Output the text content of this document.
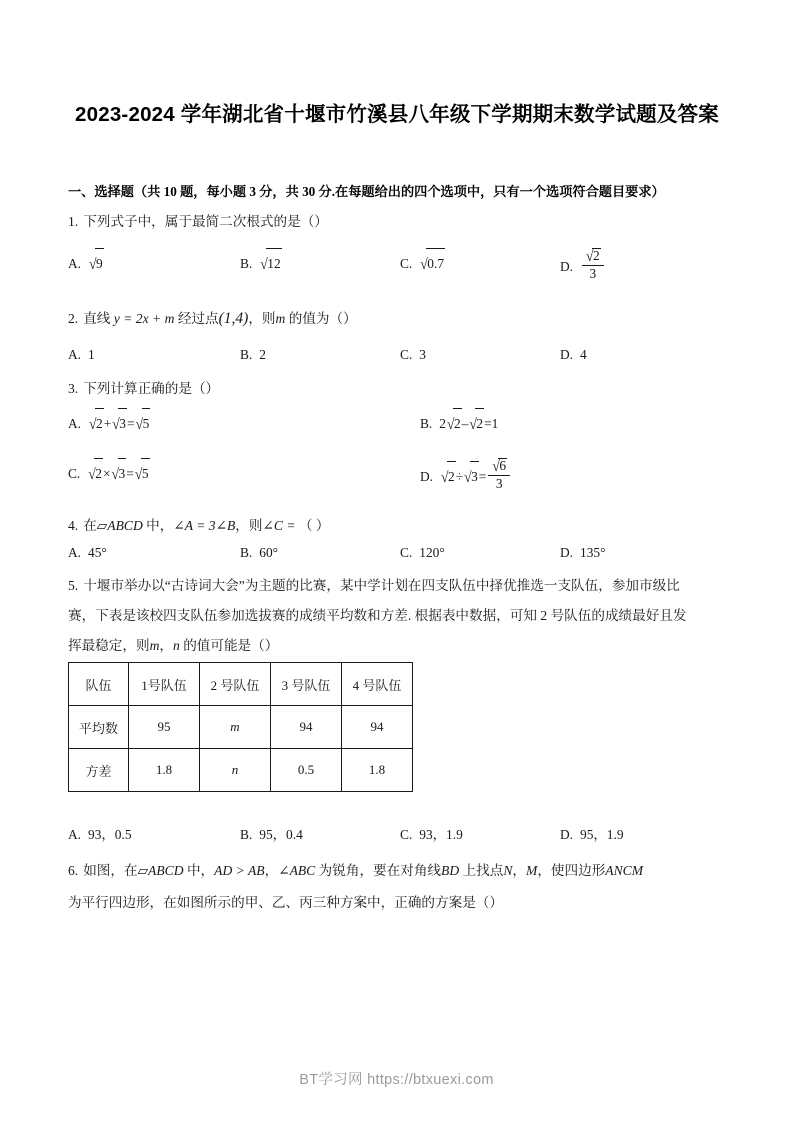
2023-2024 学年湖北省十堰市竹溪县八年级下学期期末数学试题及答案
一、选择题（共 10 题，每小题 3 分，共 30 分.在每题给出的四个选项中，只有一个选项符合题目要求）
1. 下列式子中，属于最简二次根式的是（）
A. √9	B. √12	C. √0.7	D. $\frac{√2}{3}$
2. 直线 y = 2x + m 经过点(1,4)，则m 的值为（）
A. 1	B. 2	C. 3	D. 4
3. 下列计算正确的是（）
A. √2+√3=√5	B. 2√2–√2=1
C. √2×√3=√5	D. $√2\div√3= \frac{√6}{3}$
4. 在▱ABCD 中，∠A = 3∠B，则∠C = （ ）
A. 45°	B. 60°	C. 120°	D. 135°
5. 十堰市举办以“古诗词大会”为主题的比赛，某中学计划在四支队伍中择优推选一支队伍，参加市级比
赛，下表是该校四支队伍参加选拔赛的成绩平均数和方差. 根据表中数据，可知 2 号队伍的成绩最好且发
挥最稳定，则m，n 的值可能是（）
队伍	1号队伍	2 号队伍	3 号队伍	4 号队伍
平均数	95	m	94	94
方差	1.8	n	0.5	1.8
A. 93，0.5	B. 95，0.4	C. 93，1.9	D. 95，1.9
6. 如图，在▱ABCD 中，AD > AB，∠ABC 为锐角，要在对角线BD 上找点N，M，使四边形ANCM
为平行四边形，在如图所示的甲、乙、丙三种方案中，正确的方案是（）
BT学习网 https://btxuexi.com
